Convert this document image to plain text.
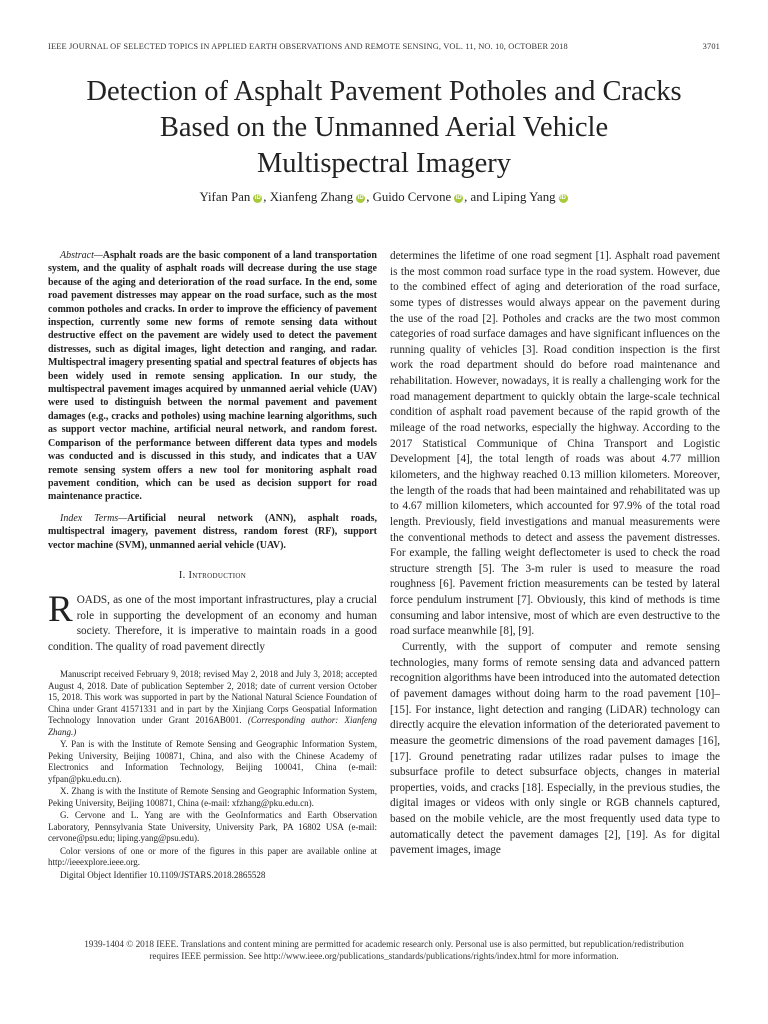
IEEE JOURNAL OF SELECTED TOPICS IN APPLIED EARTH OBSERVATIONS AND REMOTE SENSING, VOL. 11, NO. 10, OCTOBER 2018	3701
Detection of Asphalt Pavement Potholes and Cracks
Based on the Unmanned Aerial Vehicle
Multispectral Imagery
Yifan Pan iD , Xianfeng Zhang iD , Guido Cervone iD , and Liping Yang iD

Abstract—Asphalt roads are the basic component of a land transportation system, and the quality of asphalt roads will decrease during the use stage because of the aging and deterioration of the road surface. In the end, some road pavement distresses may appear on the road surface, such as the most common potholes and cracks. In order to improve the efficiency of pavement inspection, currently some new forms of remote sensing data without destructive effect on the pavement are widely used to detect the pavement distresses, such as digital images, light detection and ranging, and radar. Multispectral imagery presenting spatial and spectral features of objects has been widely used in remote sensing application. In our study, the multispectral pavement images acquired by unmanned aerial vehicle (UAV) were used to distinguish between the normal pavement and pavement damages (e.g., cracks and potholes) using machine learning algorithms, such as support vector machine, artificial neural network, and random forest. Comparison of the performance between different data types and models was conducted and is discussed in this study, and indicates that a UAV remote sensing system offers a new tool for monitoring asphalt road pavement condition, which can be used as decision support for road maintenance practice.

Index Terms—Artificial neural network (ANN), asphalt roads, multispectral imagery, pavement distress, random forest (RF), support vector machine (SVM), unmanned aerial vehicle (UAV).

I. Introduction

ROADS, as one of the most important infrastructures, play a crucial role in supporting the development of an economy and human society. Therefore, it is imperative to maintain roads in a good condition. The quality of road pavement directly

Manuscript received February 9, 2018; revised May 2, 2018 and July 3, 2018; accepted August 4, 2018. Date of publication September 2, 2018; date of current version October 15, 2018. This work was supported in part by the National Natural Science Foundation of China under Grant 41571331 and in part by the Xinjiang Corps Geospatial Information Technology Innovation under Grant 2016AB001. (Corresponding author: Xianfeng Zhang.)

Y. Pan is with the Institute of Remote Sensing and Geographic Information System, Peking University, Beijing 100871, China, and also with the Chinese Academy of Electronics and Information Technology, Beijing 100041, China (e-mail: yfpan@pku.edu.cn).

X. Zhang is with the Institute of Remote Sensing and Geographic Information System, Peking University, Beijing 100871, China (e-mail: xfzhang@pku.edu.cn).

G. Cervone and L. Yang are with the GeoInformatics and Earth Observation Laboratory, Pennsylvania State University, University Park, PA 16802 USA (e-mail: cervone@psu.edu; liping.yang@psu.edu).

Color versions of one or more of the figures in this paper are available online at http://ieeexplore.ieee.org.

Digital Object Identifier 10.1109/JSTARS.2018.2865528

determines the lifetime of one road segment [1]. Asphalt road pavement is the most common road surface type in the road system. However, due to the combined effect of aging and deterioration of the road surface, some types of distresses would always appear on the pavement during the use of the road [2]. Potholes and cracks are the two most common categories of road surface damages and have significant influences on the running quality of vehicles [3]. Road condition inspection is the first work the road department should do before road maintenance and rehabilitation. However, nowadays, it is really a challenging work for the road management department to quickly obtain the large-scale technical condition of asphalt road pavement because of the rapid growth of the mileage of the road networks, especially the highway. According to the 2017 Statistical Communique of China Transport and Logistic Development [4], the total length of roads was about 4.77 million kilometers, and the highway reached 0.13 million kilometers. Moreover, the length of the roads that had been maintained and rehabilitated was up to 4.67 million kilometers, which accounted for 97.9% of the total road length. Previously, field investigations and manual measurements were the conventional methods to detect and assess the pavement distresses. For example, the falling weight deflectometer is used to check the road structure strength [5]. The 3-m ruler is used to measure the road roughness [6]. Pavement friction measurements can be tested by lateral force pendulum instrument [7]. Obviously, this kind of methods is time consuming and labor intensive, most of which are even destructive to the road surface meanwhile [8], [9].

Currently, with the support of computer and remote sensing technologies, many forms of remote sensing data and advanced pattern recognition algorithms have been introduced into the automated detection of pavement damages without doing harm to the road pavement [10]–[15]. For instance, light detection and ranging (LiDAR) technology can directly acquire the elevation information of the deteriorated pavement to measure the geometric dimensions of the road pavement damages [16], [17]. Ground penetrating radar utilizes radar pulses to image the subsurface profile to detect subsurface objects, changes in material properties, voids, and cracks [18]. Especially, in the previous studies, the digital images or videos with only single or RGB channels captured, based on the mobile vehicle, are the most frequently used data type to automatically detect the pavement damages [2], [19]. As for digital pavement images, image

1939-1404 © 2018 IEEE. Translations and content mining are permitted for academic research only. Personal use is also permitted, but republication/redistribution
requires IEEE permission. See http://www.ieee.org/publications_standards/publications/rights/index.html for more information.
